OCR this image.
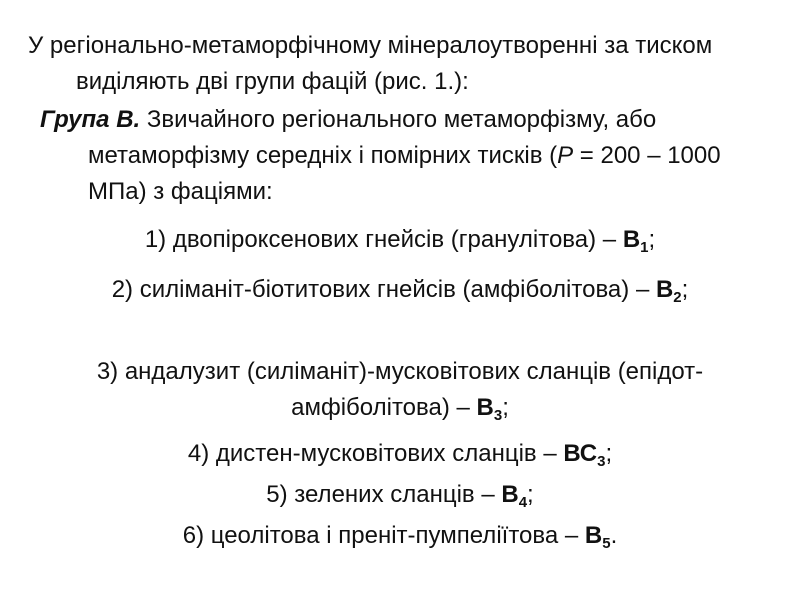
У регіонально-метаморфічному мінералоутворенні за тиском виділяють дві групи фацій (рис. 1.):

Група В. Звичайного регіонального метаморфізму, або метаморфізму середніх і помірних тисків (Р = 200 – 1000 МПа) з фаціями:

1) двопіроксенових гнейсів (гранулітова) – $В_1$;

2) силіманіт-біотитових гнейсів (амфіболітова) – $В_2$;

3) андалузит (силіманіт)-мусковітових сланців (епідот-амфіболітова) – $В_3$;

4) дистен-мусковітових сланців – $ВС_3$;

5) зелених сланців – $В_4$;

6) цеолітова і преніт-пумпеліїтова – $В_5$.
